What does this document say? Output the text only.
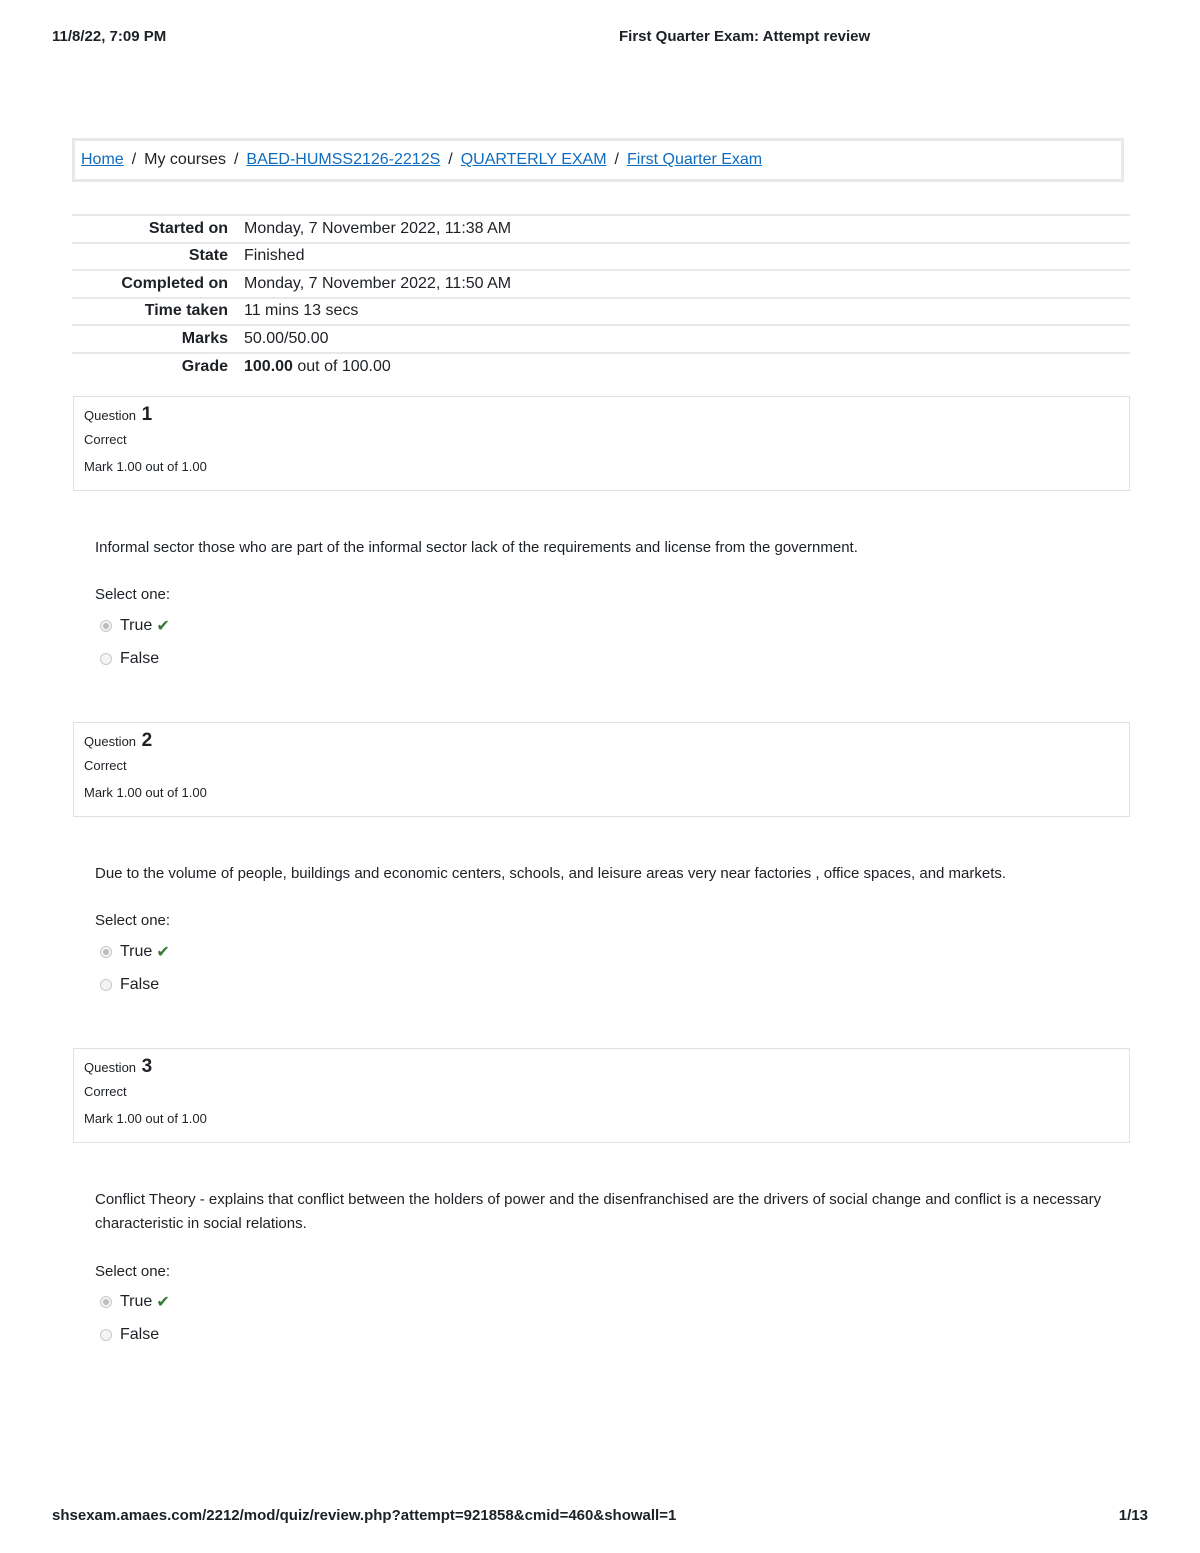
11/8/22, 7:09 PM	First Quarter Exam: Attempt review
Home / My courses / BAED-HUMSS2126-2212S / QUARTERLY EXAM / First Quarter Exam
Started on	Monday, 7 November 2022, 11:38 AM
State	Finished
Completed on	Monday, 7 November 2022, 11:50 AM
Time taken	11 mins 13 secs
Marks	50.00/50.00
Grade	100.00 out of 100.00
Question 1
Correct
Mark 1.00 out of 1.00
Informal sector those who are part of the informal sector lack of the requirements and license from the government.
Select one:
True ✔
False
Question 2
Correct
Mark 1.00 out of 1.00
Due to the volume of people, buildings and economic centers, schools, and leisure areas very near factories , office spaces, and markets.
Select one:
True ✔
False
Question 3
Correct
Mark 1.00 out of 1.00
Conflict Theory - explains that conflict between the holders of power and the disenfranchised are the drivers of social change and conflict is a necessary characteristic in social relations.
Select one:
True ✔
False
shsexam.amaes.com/2212/mod/quiz/review.php?attempt=921858&cmid=460&showall=1	1/13
